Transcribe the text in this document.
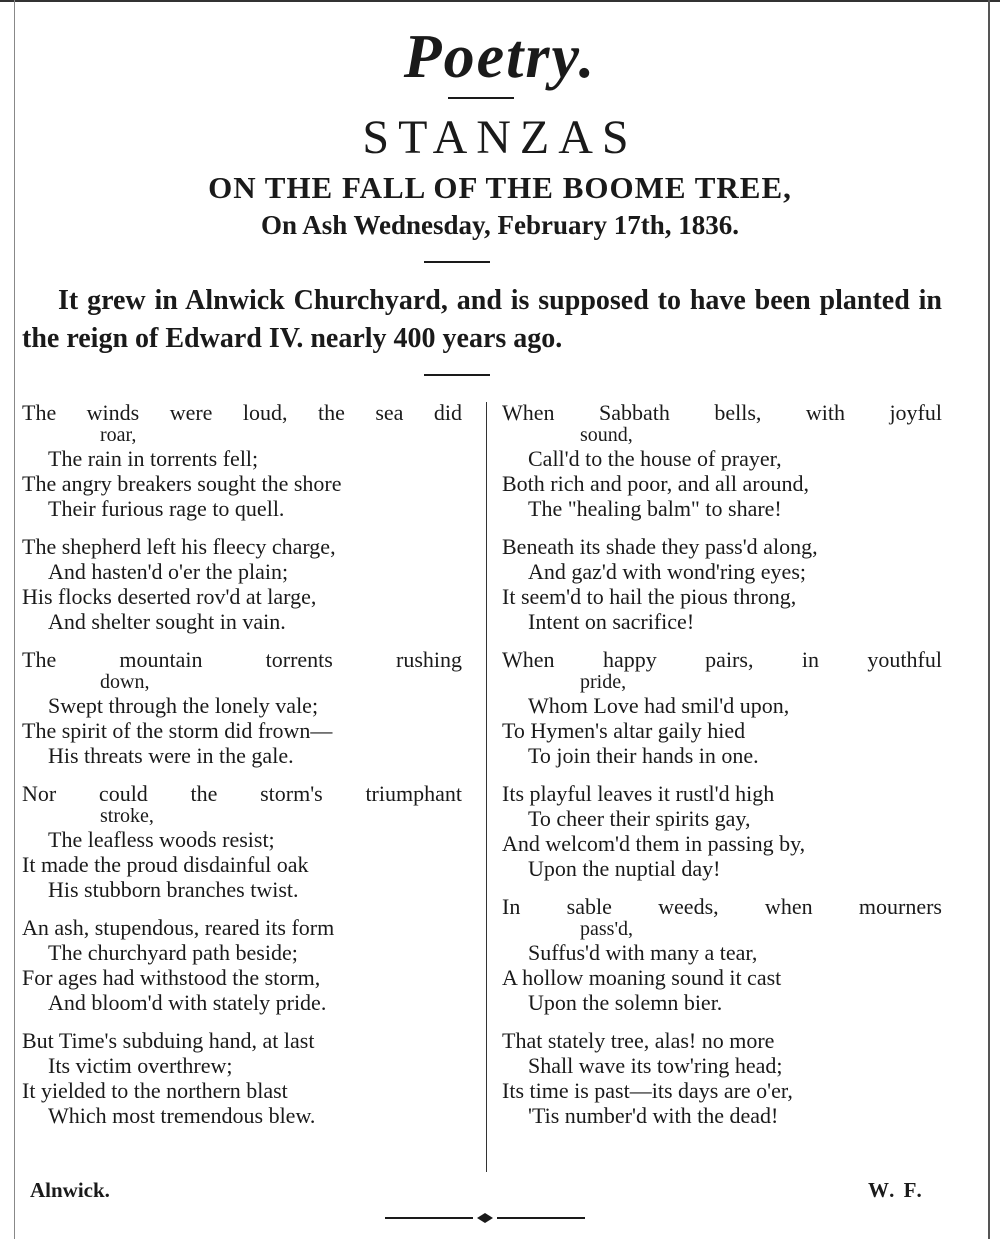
Poetry.
STANZAS
ON THE FALL OF THE BOOME TREE,
On Ash Wednesday, February 17th, 1836.
It grew in Alnwick Churchyard, and is supposed to have been planted in the reign of Edward IV. nearly 400 years ago.
The winds were loud, the sea did
roar,
The rain in torrents fell;
The angry breakers sought the shore
Their furious rage to quell.
The shepherd left his fleecy charge,
And hasten'd o'er the plain;
His flocks deserted rov'd at large,
And shelter sought in vain.
The mountain torrents rushing
down,
Swept through the lonely vale;
The spirit of the storm did frown—
His threats were in the gale.
Nor could the storm's triumphant
stroke,
The leafless woods resist;
It made the proud disdainful oak
His stubborn branches twist.
An ash, stupendous, reared its form
The churchyard path beside;
For ages had withstood the storm,
And bloom'd with stately pride.
But Time's subduing hand, at last
Its victim overthrew;
It yielded to the northern blast
Which most tremendous blew.
When Sabbath bells, with joyful
sound,
Call'd to the house of prayer,
Both rich and poor, and all around,
The "healing balm" to share!
Beneath its shade they pass'd along,
And gaz'd with wond'ring eyes;
It seem'd to hail the pious throng,
Intent on sacrifice!
When happy pairs, in youthful
pride,
Whom Love had smil'd upon,
To Hymen's altar gaily hied
To join their hands in one.
Its playful leaves it rustl'd high
To cheer their spirits gay,
And welcom'd them in passing by,
Upon the nuptial day!
In sable weeds, when mourners
pass'd,
Suffus'd with many a tear,
A hollow moaning sound it cast
Upon the solemn bier.
That stately tree, alas! no more
Shall wave its tow'ring head;
Its time is past—its days are o'er,
'Tis number'd with the dead!
Alnwick.	W. F.
